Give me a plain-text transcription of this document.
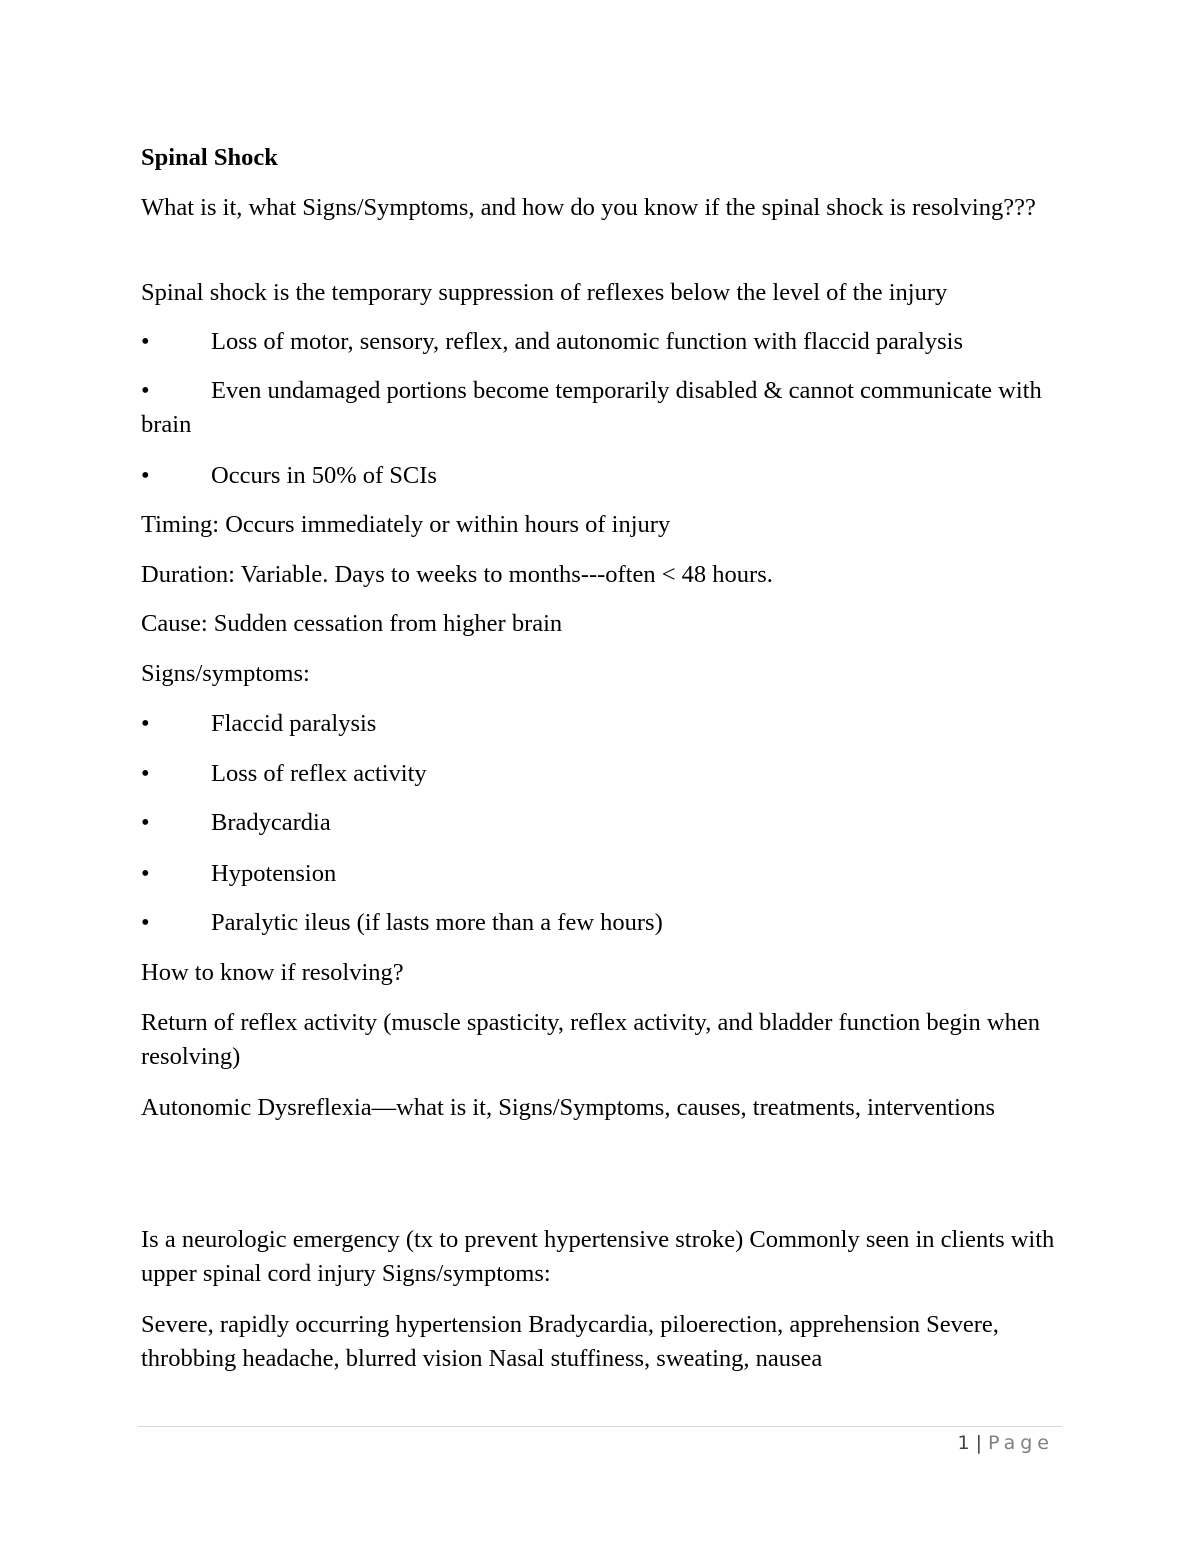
Spinal Shock
What is it, what Signs/Symptoms, and how do you know if the spinal shock is resolving???
Spinal shock is the temporary suppression of reflexes below the level of the injury
•	Loss of motor, sensory, reflex, and autonomic function with flaccid paralysis
•	Even undamaged portions become temporarily disabled & cannot communicate with brain
•	Occurs in 50% of SCIs
Timing: Occurs immediately or within hours of injury
Duration: Variable. Days to weeks to months---often < 48 hours.
Cause: Sudden cessation from higher brain
Signs/symptoms:
•	Flaccid paralysis
•	Loss of reflex activity
•	Bradycardia
•	Hypotension
•	Paralytic ileus (if lasts more than a few hours)
How to know if resolving?
Return of reflex activity (muscle spasticity, reflex activity, and bladder function begin when resolving)
Autonomic Dysreflexia—what is it, Signs/Symptoms, causes, treatments, interventions
Is a neurologic emergency (tx to prevent hypertensive stroke) Commonly seen in clients with upper spinal cord injury Signs/symptoms:
Severe, rapidly occurring hypertension Bradycardia, piloerection, apprehension Severe, throbbing headache, blurred vision Nasal stuffiness, sweating, nausea
1 | Page
